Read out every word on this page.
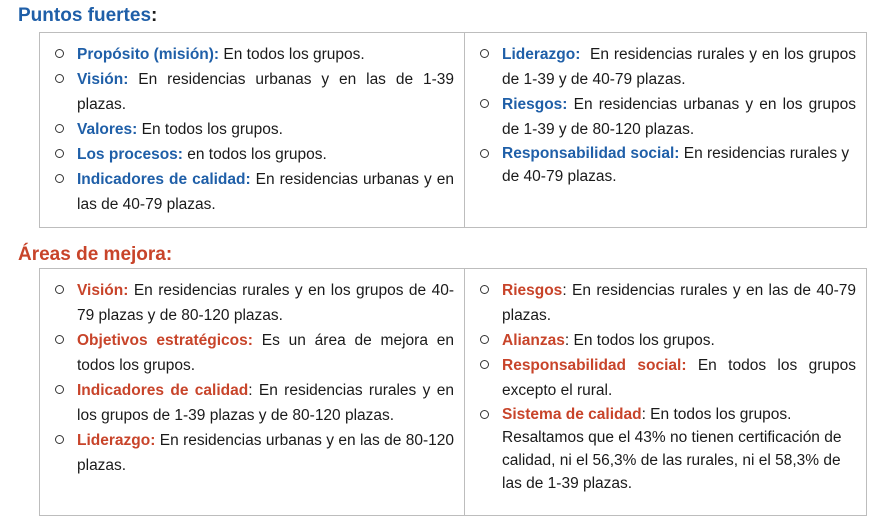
Puntos fuertes:
Propósito (misión): En todos los grupos.
Visión: En residencias urbanas y en las de 1-39 plazas.
Valores: En todos los grupos.
Los procesos: en todos los grupos.
Indicadores de calidad: En residencias urbanas y en las de 40-79 plazas.
Liderazgo:  En residencias rurales y en los grupos de 1-39 y de 40-79 plazas.
Riesgos: En residencias urbanas y en los grupos de 1-39 y de 80-120 plazas.
Responsabilidad social: En residencias rurales y de 40-79 plazas.
Áreas de mejora:
Visión: En residencias rurales y en los grupos de 40-79 plazas y de 80-120 plazas.
Objetivos estratégicos: Es un área de mejora en todos los grupos.
Indicadores de calidad: En residencias rurales y en los grupos de 1-39 plazas y de 80-120 plazas.
Liderazgo: En residencias urbanas y en las de 80-120 plazas.
Riesgos: En residencias rurales y en las de 40-79 plazas.
Alianzas: En todos los grupos.
Responsabilidad social: En todos los grupos excepto el rural.
Sistema de calidad: En todos los grupos. Resaltamos que el 43% no tienen certificación de calidad, ni el 56,3% de las rurales, ni el 58,3% de las de 1-39 plazas.
